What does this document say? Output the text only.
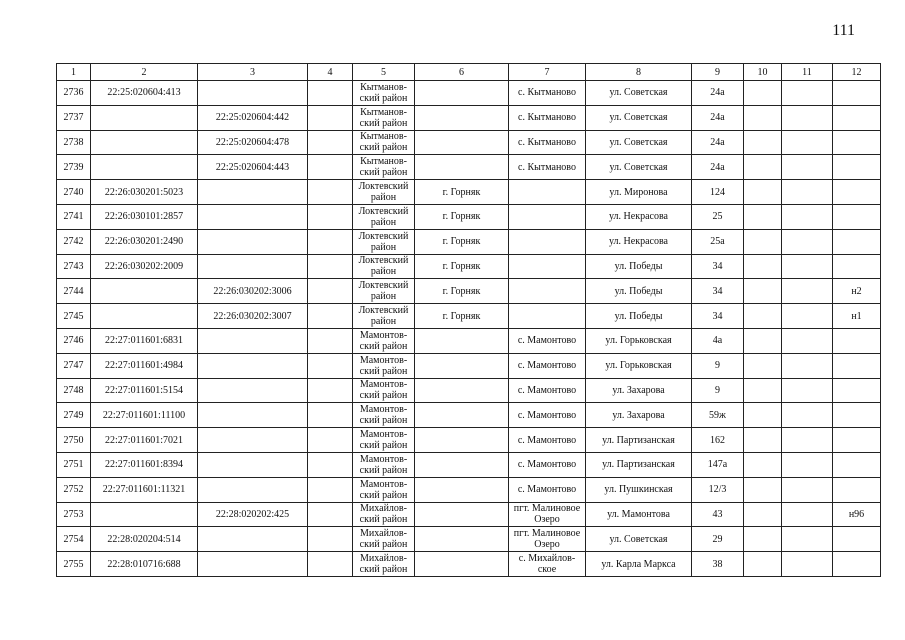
111
1	2	3	4	5	6	7	8	9	10	11	12
2736	22:25:020604:413			Кытманов-
ский район		с. Кытманово	ул. Советская	24а			
2737		22:25:020604:442		Кытманов-
ский район		с. Кытманово	ул. Советская	24а			
2738		22:25:020604:478		Кытманов-
ский район		с. Кытманово	ул. Советская	24а			
2739		22:25:020604:443		Кытманов-
ский район		с. Кытманово	ул. Советская	24а			
2740	22:26:030201:5023			Локтевский
район	г. Горняк		ул. Миронова	124			
2741	22:26:030101:2857			Локтевский
район	г. Горняк		ул. Некрасова	25			
2742	22:26:030201:2490			Локтевский
район	г. Горняк		ул. Некрасова	25а			
2743	22:26:030202:2009			Локтевский
район	г. Горняк		ул. Победы	34			
2744		22:26:030202:3006		Локтевский
район	г. Горняк		ул. Победы	34			н2
2745		22:26:030202:3007		Локтевский
район	г. Горняк		ул. Победы	34			н1
2746	22:27:011601:6831			Мамонтов-
ский район		с. Мамонтово	ул. Горьковская	4а			
2747	22:27:011601:4984			Мамонтов-
ский район		с. Мамонтово	ул. Горьковская	9			
2748	22:27:011601:5154			Мамонтов-
ский район		с. Мамонтово	ул. Захарова	9			
2749	22:27:011601:11100			Мамонтов-
ский район		с. Мамонтово	ул. Захарова	59ж			
2750	22:27:011601:7021			Мамонтов-
ский район		с. Мамонтово	ул. Партизанская	162			
2751	22:27:011601:8394			Мамонтов-
ский район		с. Мамонтово	ул. Партизанская	147а			
2752	22:27:011601:11321			Мамонтов-
ский район		с. Мамонтово	ул. Пушкинская	12/3			
2753		22:28:020202:425		Михайлов-
ский район		пгт. Малиновое
Озеро	ул. Мамонтова	43			н96
2754	22:28:020204:514			Михайлов-
ский район		пгт. Малиновое
Озеро	ул. Советская	29			
2755	22:28:010716:688			Михайлов-
ский район		с. Михайлов-
ское	ул. Карла Маркса	38			
